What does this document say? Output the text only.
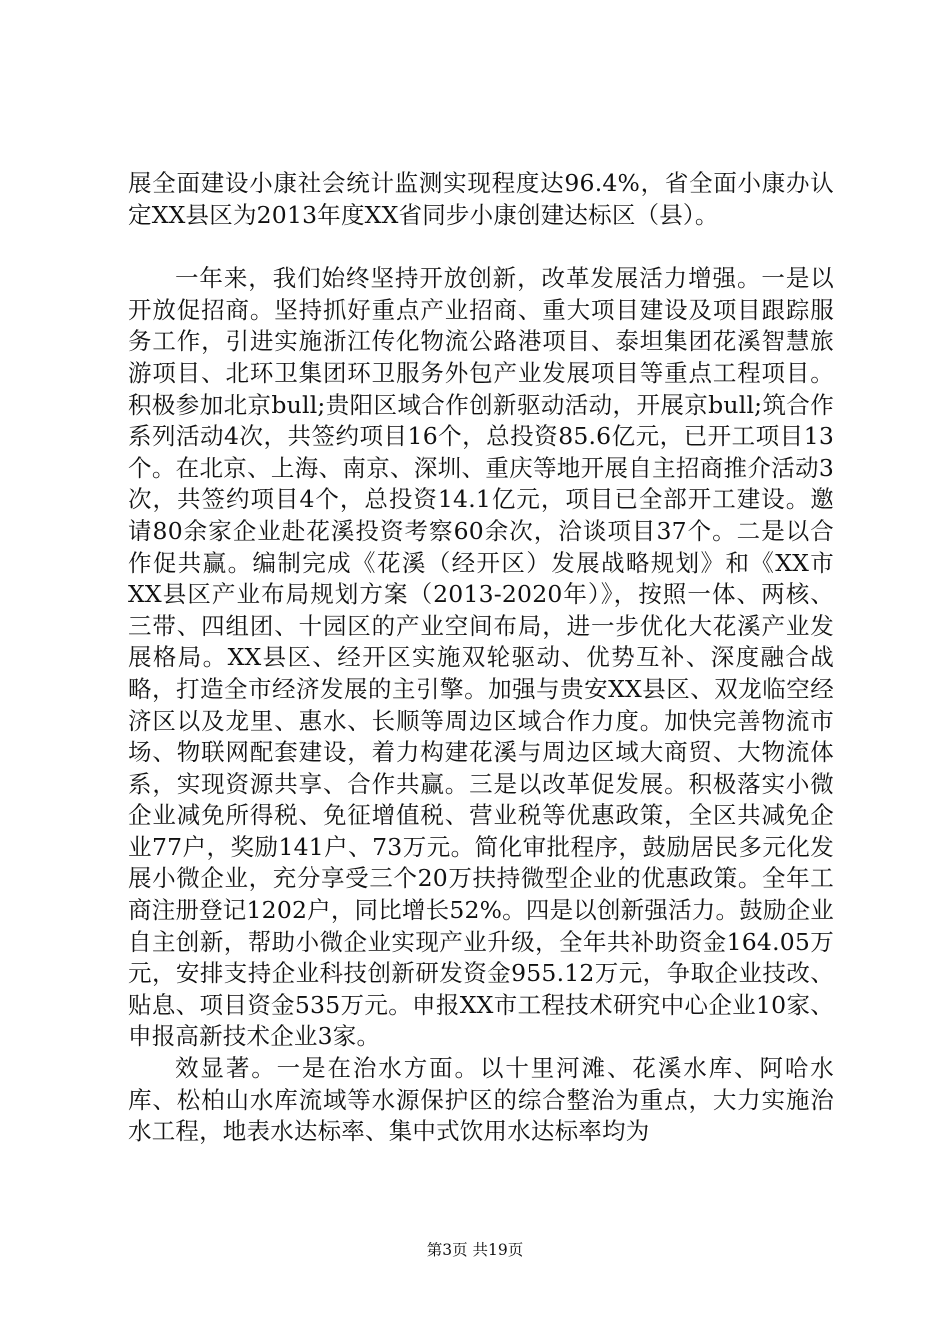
展全面建设小康社会统计监测实现程度达96.4%，省全面小康办认定XX县区为2013年度XX省同步小康创建达标区（县）。

一年来，我们始终坚持开放创新，改革发展活力增强。一是以开放促招商。坚持抓好重点产业招商、重大项目建设及项目跟踪服务工作，引进实施浙江传化物流公路港项目、泰坦集团花溪智慧旅游项目、北环卫集团环卫服务外包产业发展项目等重点工程项目。积极参加北京bull;贵阳区域合作创新驱动活动，开展京bull;筑合作系列活动4次，共签约项目16个，总投资85.6亿元，已开工项目13个。在北京、上海、南京、深圳、重庆等地开展自主招商推介活动3次，共签约项目4个，总投资14.1亿元，项目已全部开工建设。邀请80余家企业赴花溪投资考察60余次，洽谈项目37个。二是以合作促共赢。编制完成《花溪（经开区）发展战略规划》和《XX市XX县区产业布局规划方案（2013-2020年）》，按照一体、两核、三带、四组团、十园区的产业空间布局，进一步优化大花溪产业发展格局。XX县区、经开区实施双轮驱动、优势互补、深度融合战略，打造全市经济发展的主引擎。加强与贵安XX县区、双龙临空经济区以及龙里、惠水、长顺等周边区域合作力度。加快完善物流市场、物联网配套建设，着力构建花溪与周边区域大商贸、大物流体系，实现资源共享、合作共赢。三是以改革促发展。积极落实小微企业减免所得税、免征增值税、营业税等优惠政策，全区共减免企业77户，奖励141户、73万元。简化审批程序，鼓励居民多元化发展小微企业，充分享受三个20万扶持微型企业的优惠政策。全年工商注册登记1202户，同比增长52%。四是以创新强活力。鼓励企业自主创新，帮助小微企业实现产业升级，全年共补助资金164.05万元，安排支持企业科技创新研发资金955.12万元，争取企业技改、贴息、项目资金535万元。申报XX市工程技术研究中心企业10家、申报高新技术企业3家。

效显著。一是在治水方面。以十里河滩、花溪水库、阿哈水库、松柏山水库流域等水源保护区的综合整治为重点，大力实施治水工程，地表水达标率、集中式饮用水达标率均为

第3页 共19页
